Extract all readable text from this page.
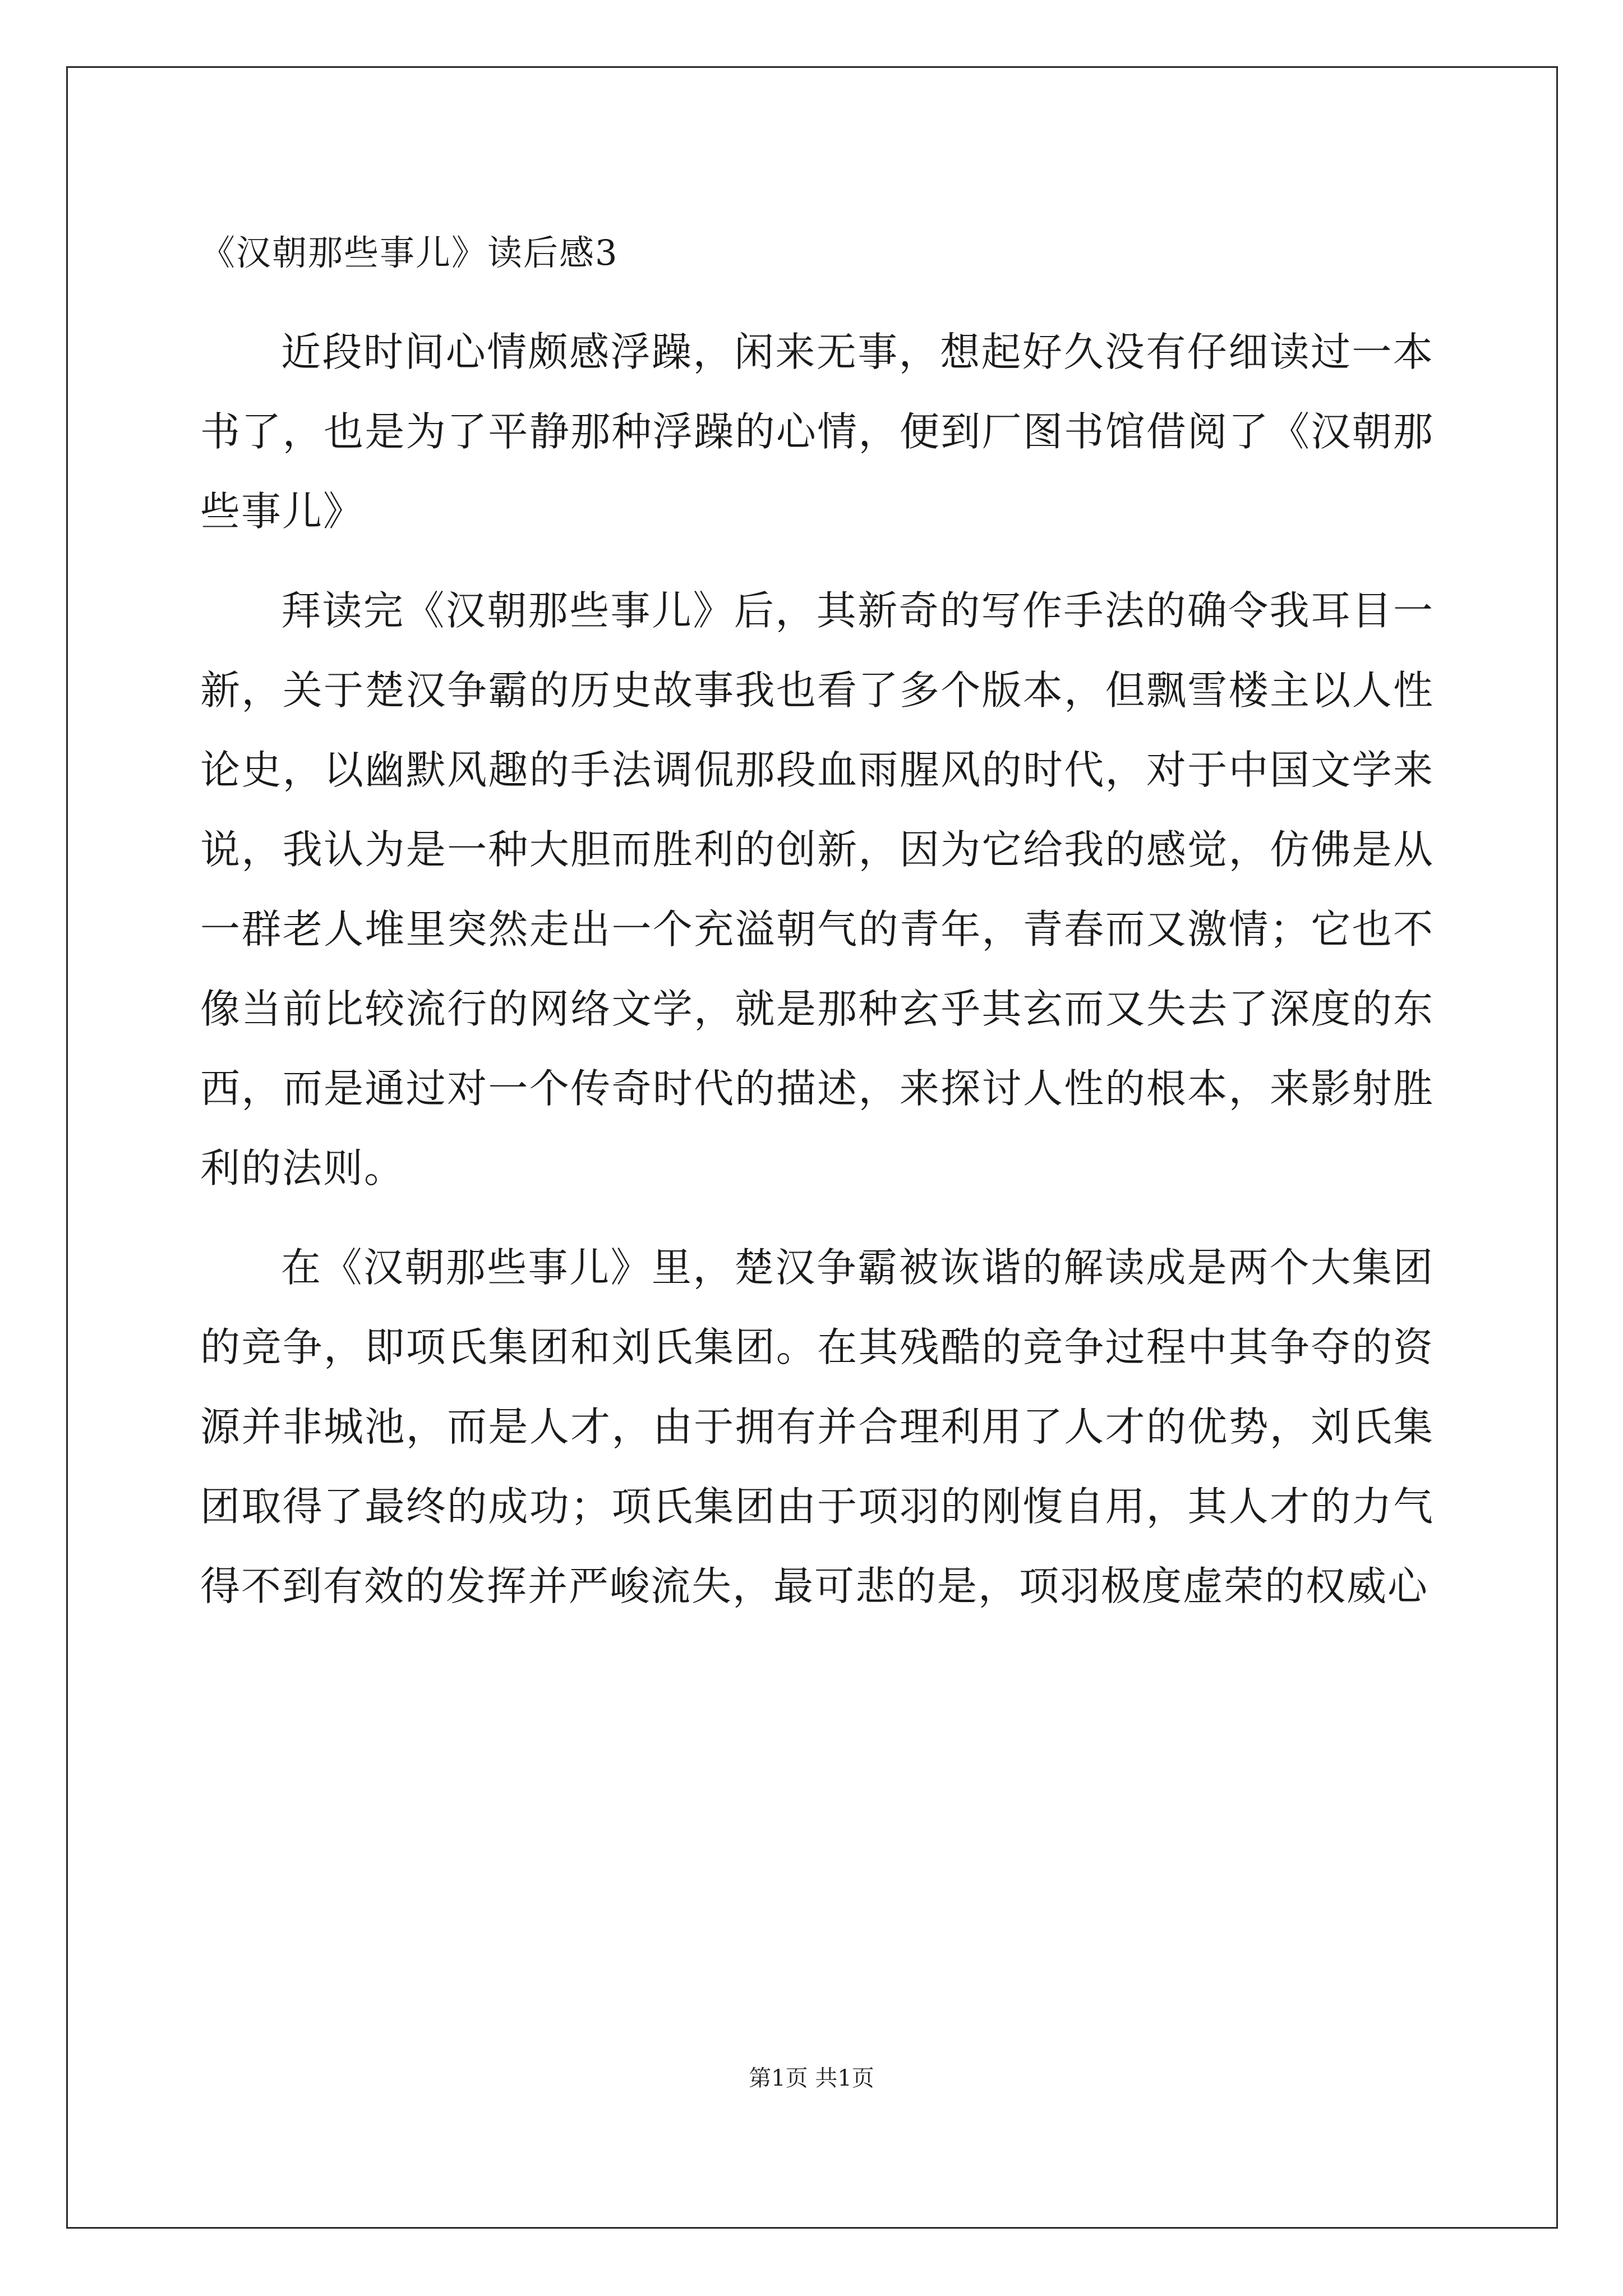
《汉朝那些事儿》读后感3

近段时间心情颇感浮躁，闲来无事，想起好久没有仔细读过一本书了，也是为了平静那种浮躁的心情，便到厂图书馆借阅了《汉朝那些事儿》

拜读完《汉朝那些事儿》后，其新奇的写作手法的确令我耳目一新，关于楚汉争霸的历史故事我也看了多个版本，但飘雪楼主以人性论史，以幽默风趣的手法调侃那段血雨腥风的时代，对于中国文学来说，我认为是一种大胆而胜利的创新，因为它给我的感觉，仿佛是从一群老人堆里突然走出一个充溢朝气的青年，青春而又激情；它也不像当前比较流行的网络文学，就是那种玄乎其玄而又失去了深度的东西，而是通过对一个传奇时代的描述，来探讨人性的根本，来影射胜利的法则。

在《汉朝那些事儿》里，楚汉争霸被诙谐的解读成是两个大集团的竞争，即项氏集团和刘氏集团。在其残酷的竞争过程中其争夺的资源并非城池，而是人才，由于拥有并合理利用了人才的优势，刘氏集团取得了最终的成功；项氏集团由于项羽的刚愎自用，其人才的力气得不到有效的发挥并严峻流失，最可悲的是，项羽极度虚荣的权威心

第1页 共1页
